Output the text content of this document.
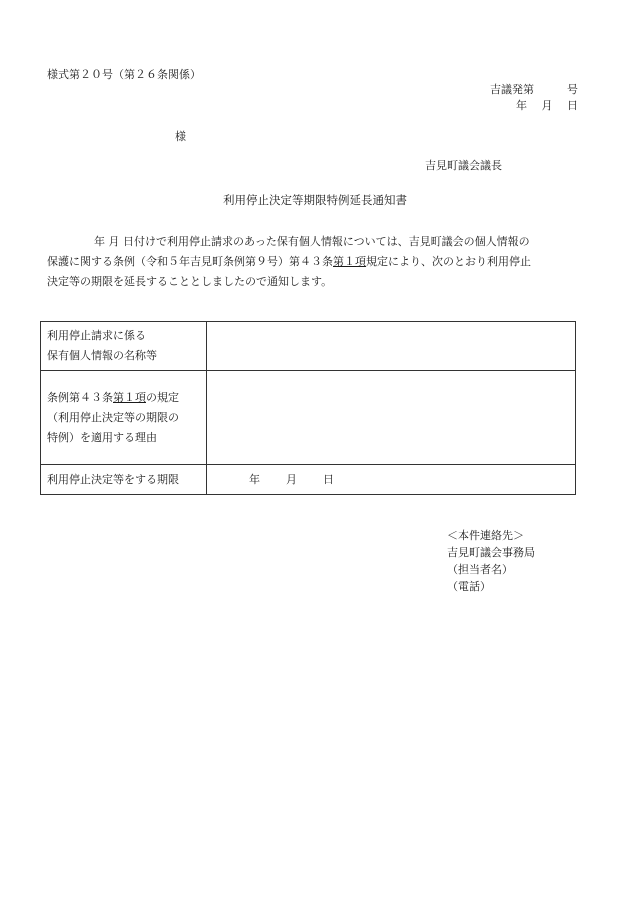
様式第２０号（第２６条関係）
吉議発第　　　号
年　 月　 日
様
吉見町議会議長
利用停止決定等期限特例延長通知書
年 月 日付けで利用停止請求のあった保有個人情報については、吉見町議会の個人情報の
保護に関する条例（令和５年吉見町条例第９号）第４３条第１項規定により、次のとおり利用停止
決定等の期限を延長することとしましたので通知します。
利用停止請求に係る
保有個人情報の名称等	

条例第４３条第１項の規定
（利用停止決定等の期限の
特例）を適用する理由	

利用停止決定等をする期限	年 月 日
＜本件連絡先＞
吉見町議会事務局
（担当者名）
（電話）
